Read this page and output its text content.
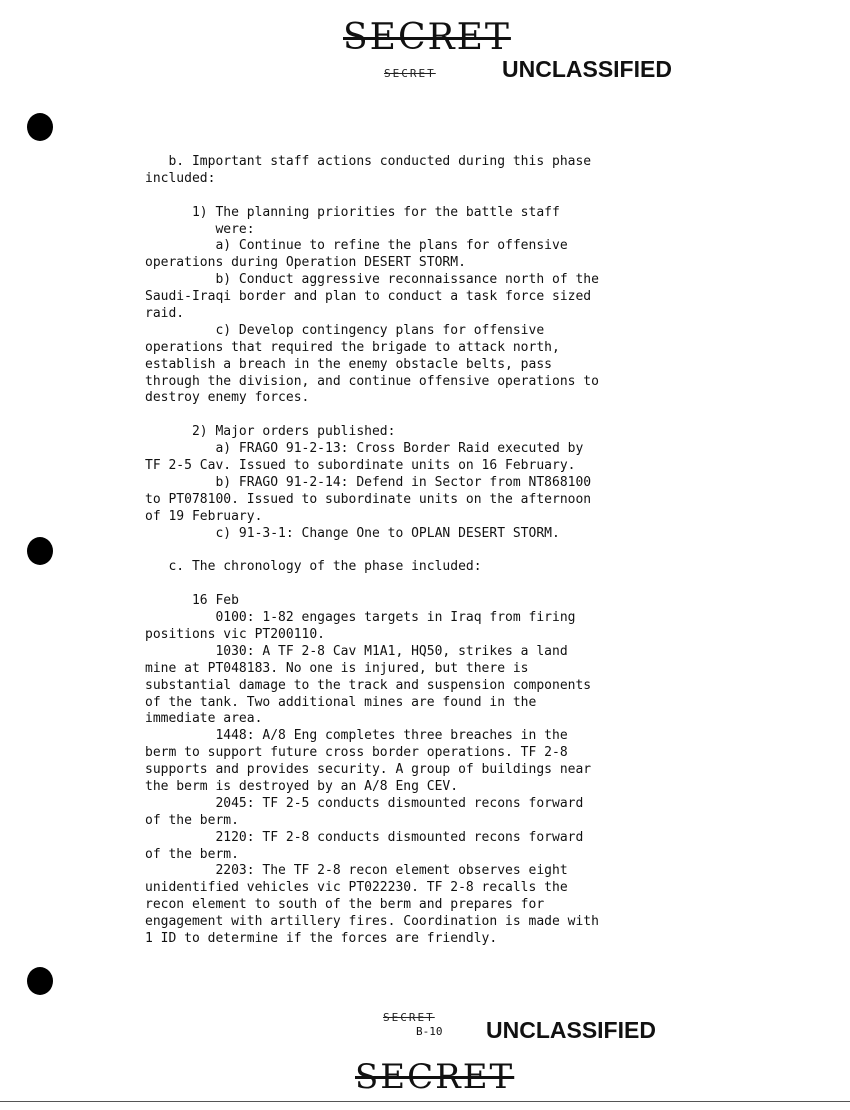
SECRET
SECRET	UNCLASSIFIED
b. Important staff actions conducted during this phase
included:
1) The planning priorities for the battle staff
were:
a) Continue to refine the plans for offensive
operations during Operation DESERT STORM.
b) Conduct aggressive reconnaissance north of the
Saudi-Iraqi border and plan to conduct a task force sized
raid.
c) Develop contingency plans for offensive
operations that required the brigade to attack north,
establish a breach in the enemy obstacle belts, pass
through the division, and continue offensive operations to
destroy enemy forces.
2) Major orders published:
a) FRAGO 91-2-13: Cross Border Raid executed by
TF 2-5 Cav. Issued to subordinate units on 16 February.
b) FRAGO 91-2-14: Defend in Sector from NT868100
to PT078100. Issued to subordinate units on the afternoon
of 19 February.
c) 91-3-1: Change One to OPLAN DESERT STORM.
c. The chronology of the phase included:
16 Feb
0100: 1-82 engages targets in Iraq from firing
positions vic PT200110.
1030: A TF 2-8 Cav M1A1, HQ50, strikes a land
mine at PT048183. No one is injured, but there is
substantial damage to the track and suspension components
of the tank. Two additional mines are found in the
immediate area.
1448: A/8 Eng completes three breaches in the
berm to support future cross border operations. TF 2-8
supports and provides security. A group of buildings near
the berm is destroyed by an A/8 Eng CEV.
2045: TF 2-5 conducts dismounted recons forward
of the berm.
2120: TF 2-8 conducts dismounted recons forward
of the berm.
2203: The TF 2-8 recon element observes eight
unidentified vehicles vic PT022230. TF 2-8 recalls the
recon element to south of the berm and prepares for
engagement with artillery fires. Coordination is made with
1 ID to determine if the forces are friendly.
SECRET
B-10 UNCLASSIFIED
SECRET
